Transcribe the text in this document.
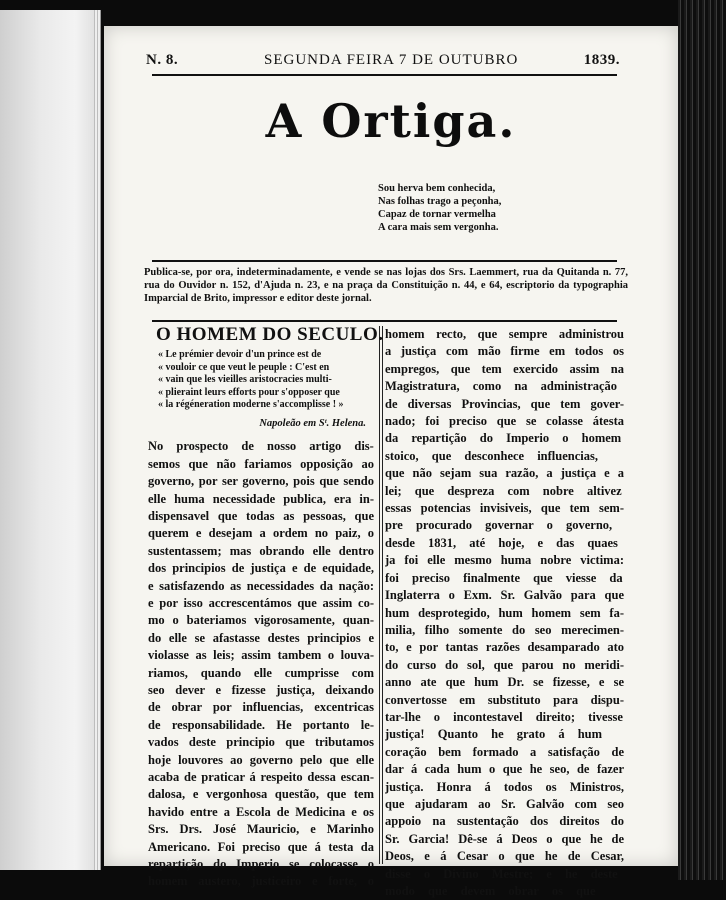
N. 8.	SEGUNDA FEIRA 7 DE OUTUBRO	1839.
A Ortiga.
Sou herva bem conhecida,
Nas folhas trago a peçonha,
Capaz de tornar vermelha
A cara mais sem vergonha.
Publica-se, por ora, indeterminadamente, e vende se nas lojas dos Srs. Laemmert, rua da Quitanda n. 77, rua do Ouvidor n. 152, d'Ajuda n. 23, e na praça da Constituição n. 44, e 64, escriptorio da typographia Imparcial de Brito, impressor e editor deste jornal.
O HOMEM DO SECULO.
« Le prémier devoir d'un prince est de
« vouloir ce que veut le peuple : C'est en
« vain que les vieilles aristocracies multi-
« plieraint leurs efforts pour s'opposer que
« la régéneration moderne s'accomplisse ! »
Napoleão em Sᵗ. Helena.
No prospecto de nosso artigo dis-
semos que não fariamos opposição ao
governo, por ser governo, pois que sendo
elle huma necessidade publica, era in-
dispensavel que todas as pessoas, que
querem e desejam a ordem no paiz, o
sustentassem; mas obrando elle dentro
dos principios de justiça e de equidade,
e satisfazendo as necessidades da nação:
e por isso accrescentámos que assim co-
mo o bateriamos vigorosamente, quan-
do elle se afastasse destes principios e
violasse as leis; assim tambem o louva-
riamos, quando elle cumprisse com
seo dever e fizesse justiça, deixando
de obrar por influencias, excentricas
de responsabilidade. He portanto le-
vados deste principio que tributamos
hoje louvores ao governo pelo que elle
acaba de praticar á respeito dessa escan-
dalosa, e vergonhosa questão, que tem
havido entre a Escola de Medicina e os
Srs. Drs. José Mauricio, e Marinho
Americano. Foi preciso que á testa da
repartição do Imperio se colocasse o
homem austero, justiceiro e forte, o
homem recto, que sempre administrou
a justiça com mão firme em todos os
empregos, que tem exercido assim na
Magistratura, como na administração
de diversas Provincias, que tem gover-
nado; foi preciso que se colasse átesta
da repartição do Imperio o homem
stoico, que desconhece influencias,
que não sejam sua razão, a justiça e a
lei; que despreza com nobre altivez
essas potencias invisiveis, que tem sem-
pre procurado governar o governo,
desde 1831, até hoje, e das quaes
ja foi elle mesmo huma nobre victima:
foi preciso finalmente que viesse da
Inglaterra o Exm. Sr. Galvão para que
hum desprotegido, hum homem sem fa-
milia, filho somente do seo merecimen-
to, e por tantas razões desamparado ato
do curso do sol, que parou no meridi-
anno ate que hum Dr. se fizesse, e se
convertosse em substituto para dispu-
tar-lhe o incontestavel direito; tivesse
justiça! Quanto he grato á hum
coração bem formado a satisfação de
dar á cada hum o que he seo, de fazer
justiça. Honra á todos os Ministros,
que ajudaram ao Sr. Galvão com seo
appoio na sustentação dos direitos do
Sr. Garcia! Dê-se á Deos o que he de
Deos, e á Cesar o que he de Cesar,
disse o Divino Mestre; e he deste
modo que devem obrar os que
